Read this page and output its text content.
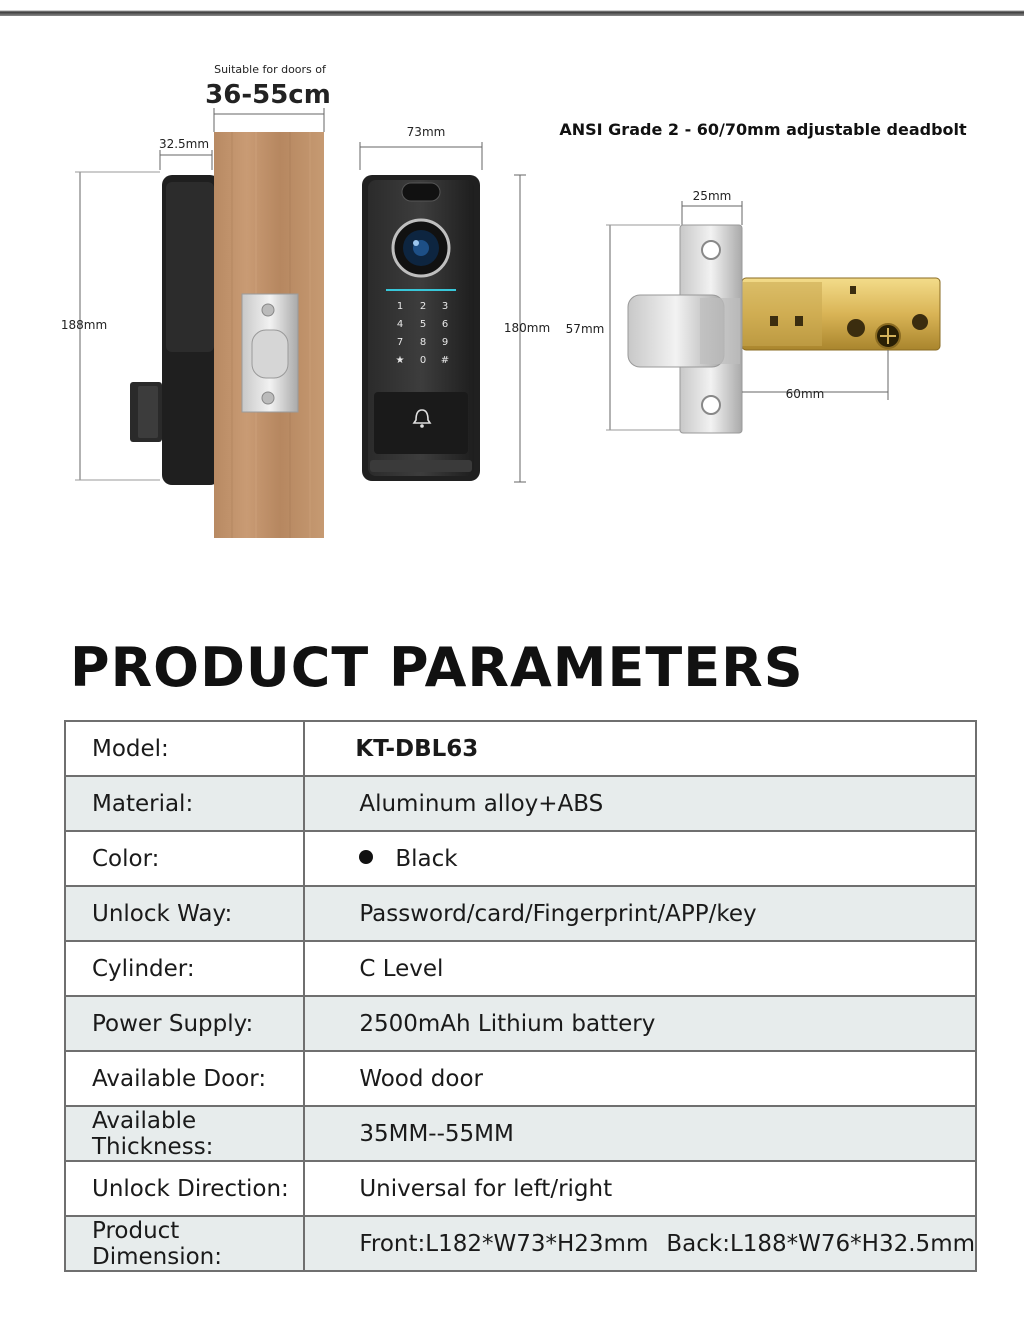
Suitable for doors of
36-55cm
32.5mm
188mm
73mm
180mm
1 2 3
4 5 6
7 8 9
★ 0 #
ANSI Grade 2 - 60/70mm adjustable deadbolt
25mm
57mm
60mm
PRODUCT PARAMETERS
Model:	KT-DBL63
Material:	Aluminum alloy+ABS
Color:	Black
Unlock Way:	Password/card/Fingerprint/APP/key
Cylinder:	C Level
Power Supply:	2500mAh Lithium battery
Available Door:	Wood door
Available Thickness:	35MM--55MM
Unlock Direction:	Universal for left/right
Product Dimension:	Front:L182*W73*H23mm Back:L188*W76*H32.5mm
